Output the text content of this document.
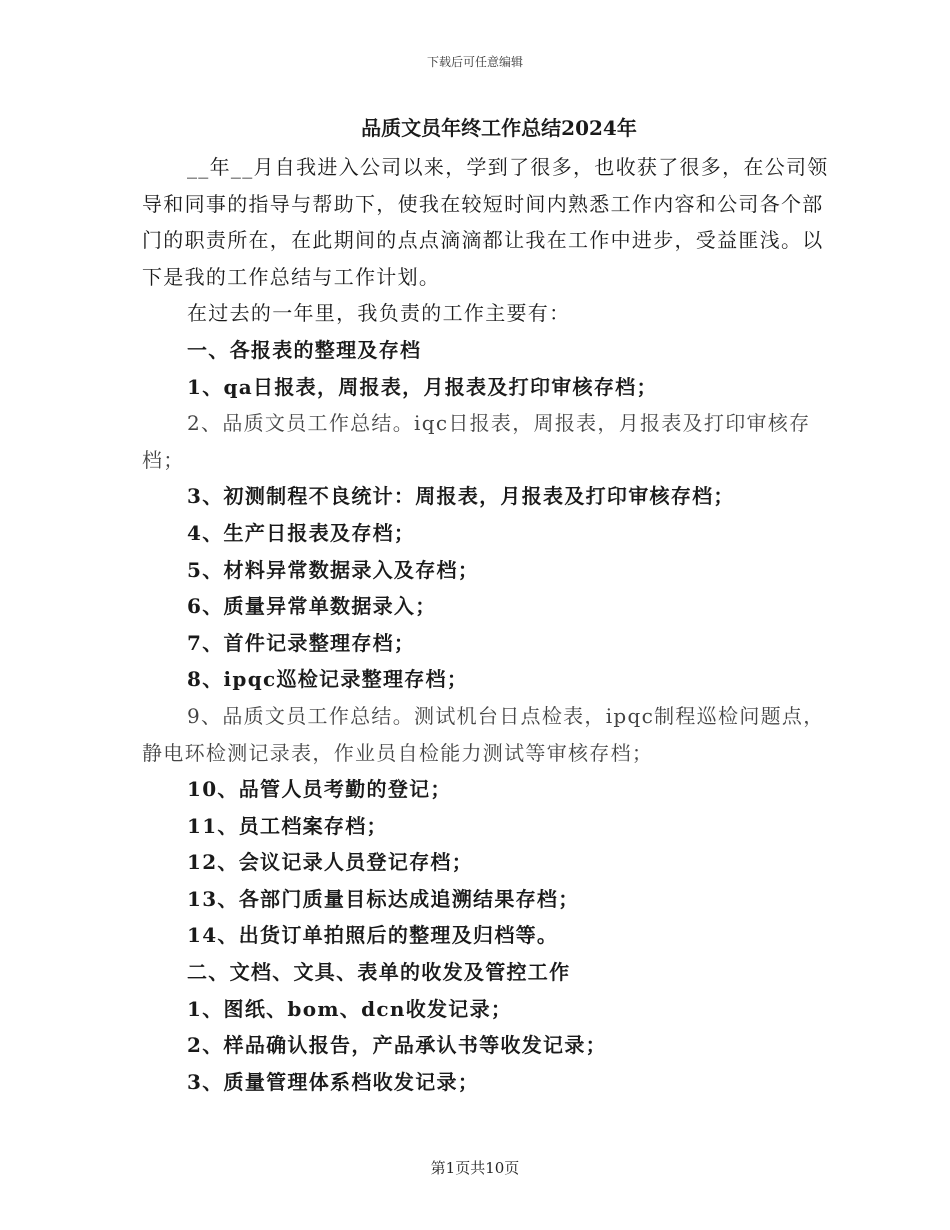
下载后可任意编辑
品质文员年终工作总结2024年

__年__月自我进入公司以来，学到了很多，也收获了很多，在公司领导和同事的指导与帮助下，使我在较短时间内熟悉工作内容和公司各个部门的职责所在，在此期间的点点滴滴都让我在工作中进步，受益匪浅。以下是我的工作总结与工作计划。

在过去的一年里，我负责的工作主要有：

一、各报表的整理及存档

1、qa日报表，周报表，月报表及打印审核存档；

2、品质文员工作总结。iqc日报表，周报表，月报表及打印审核存档；

3、初测制程不良统计：周报表，月报表及打印审核存档；

4、生产日报表及存档；

5、材料异常数据录入及存档；

6、质量异常单数据录入；

7、首件记录整理存档；

8、ipqc巡检记录整理存档；

9、品质文员工作总结。测试机台日点检表，ipqc制程巡检问题点，静电环检测记录表，作业员自检能力测试等审核存档；

10、品管人员考勤的登记；

11、员工档案存档；

12、会议记录人员登记存档；

13、各部门质量目标达成追溯结果存档；

14、出货订单拍照后的整理及归档等。

二、文档、文具、表单的收发及管控工作

1、图纸、bom、dcn收发记录；

2、样品确认报告，产品承认书等收发记录；

3、质量管理体系档收发记录；

第1页共10页
